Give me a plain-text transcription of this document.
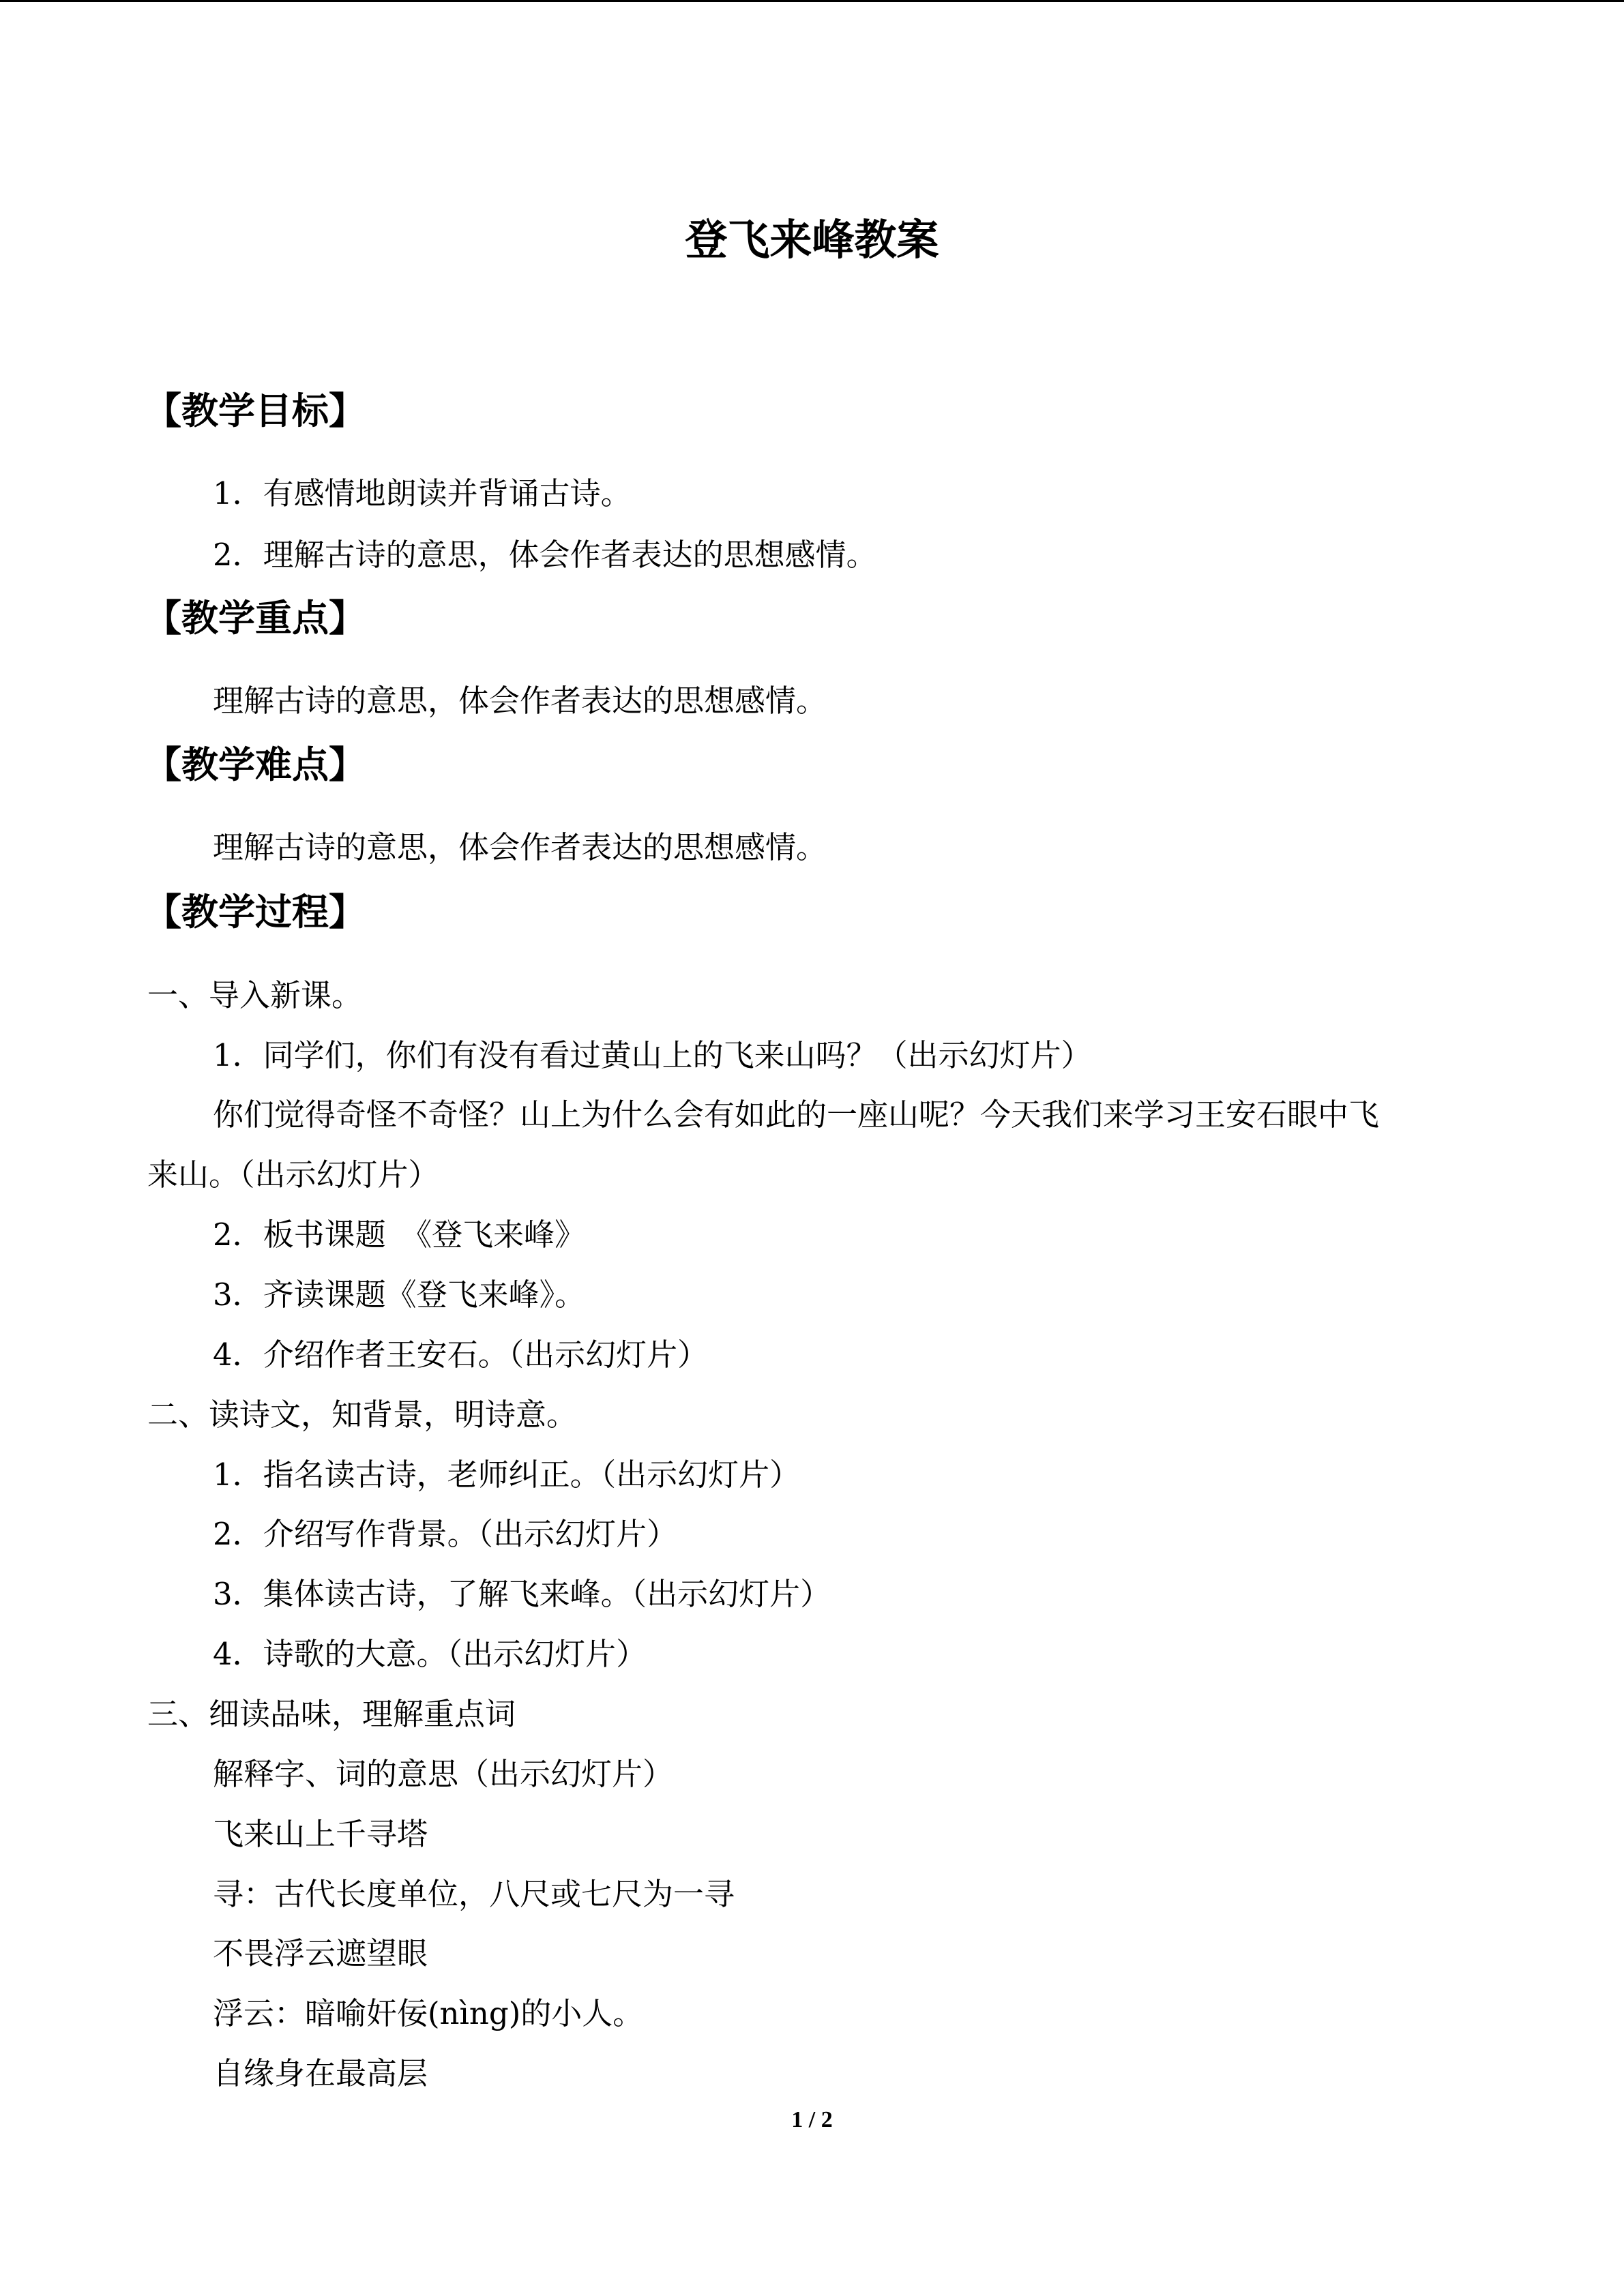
登飞来峰教案
【教学目标】
1．有感情地朗读并背诵古诗。
2．理解古诗的意思，体会作者表达的思想感情。
【教学重点】
理解古诗的意思，体会作者表达的思想感情。
【教学难点】
理解古诗的意思，体会作者表达的思想感情。
【教学过程】
一、导入新课。
1．同学们，你们有没有看过黄山上的飞来山吗？（出示幻灯片）
你们觉得奇怪不奇怪？山上为什么会有如此的一座山呢？今天我们来学习王安石眼中飞
来山。（出示幻灯片）
2．板书课题　《登飞来峰》
3．齐读课题《登飞来峰》。
4．介绍作者王安石。（出示幻灯片）
二、读诗文，知背景，明诗意。
1．指名读古诗，老师纠正。（出示幻灯片）
2．介绍写作背景。（出示幻灯片）
3．集体读古诗，了解飞来峰。（出示幻灯片）
4．诗歌的大意。（出示幻灯片）
三、细读品味，理解重点词
解释字、词的意思（出示幻灯片）
飞来山上千寻塔
寻：古代长度单位，八尺或七尺为一寻
不畏浮云遮望眼
浮云：暗喻奸佞(nìng)的小人。
自缘身在最高层
1 / 2
